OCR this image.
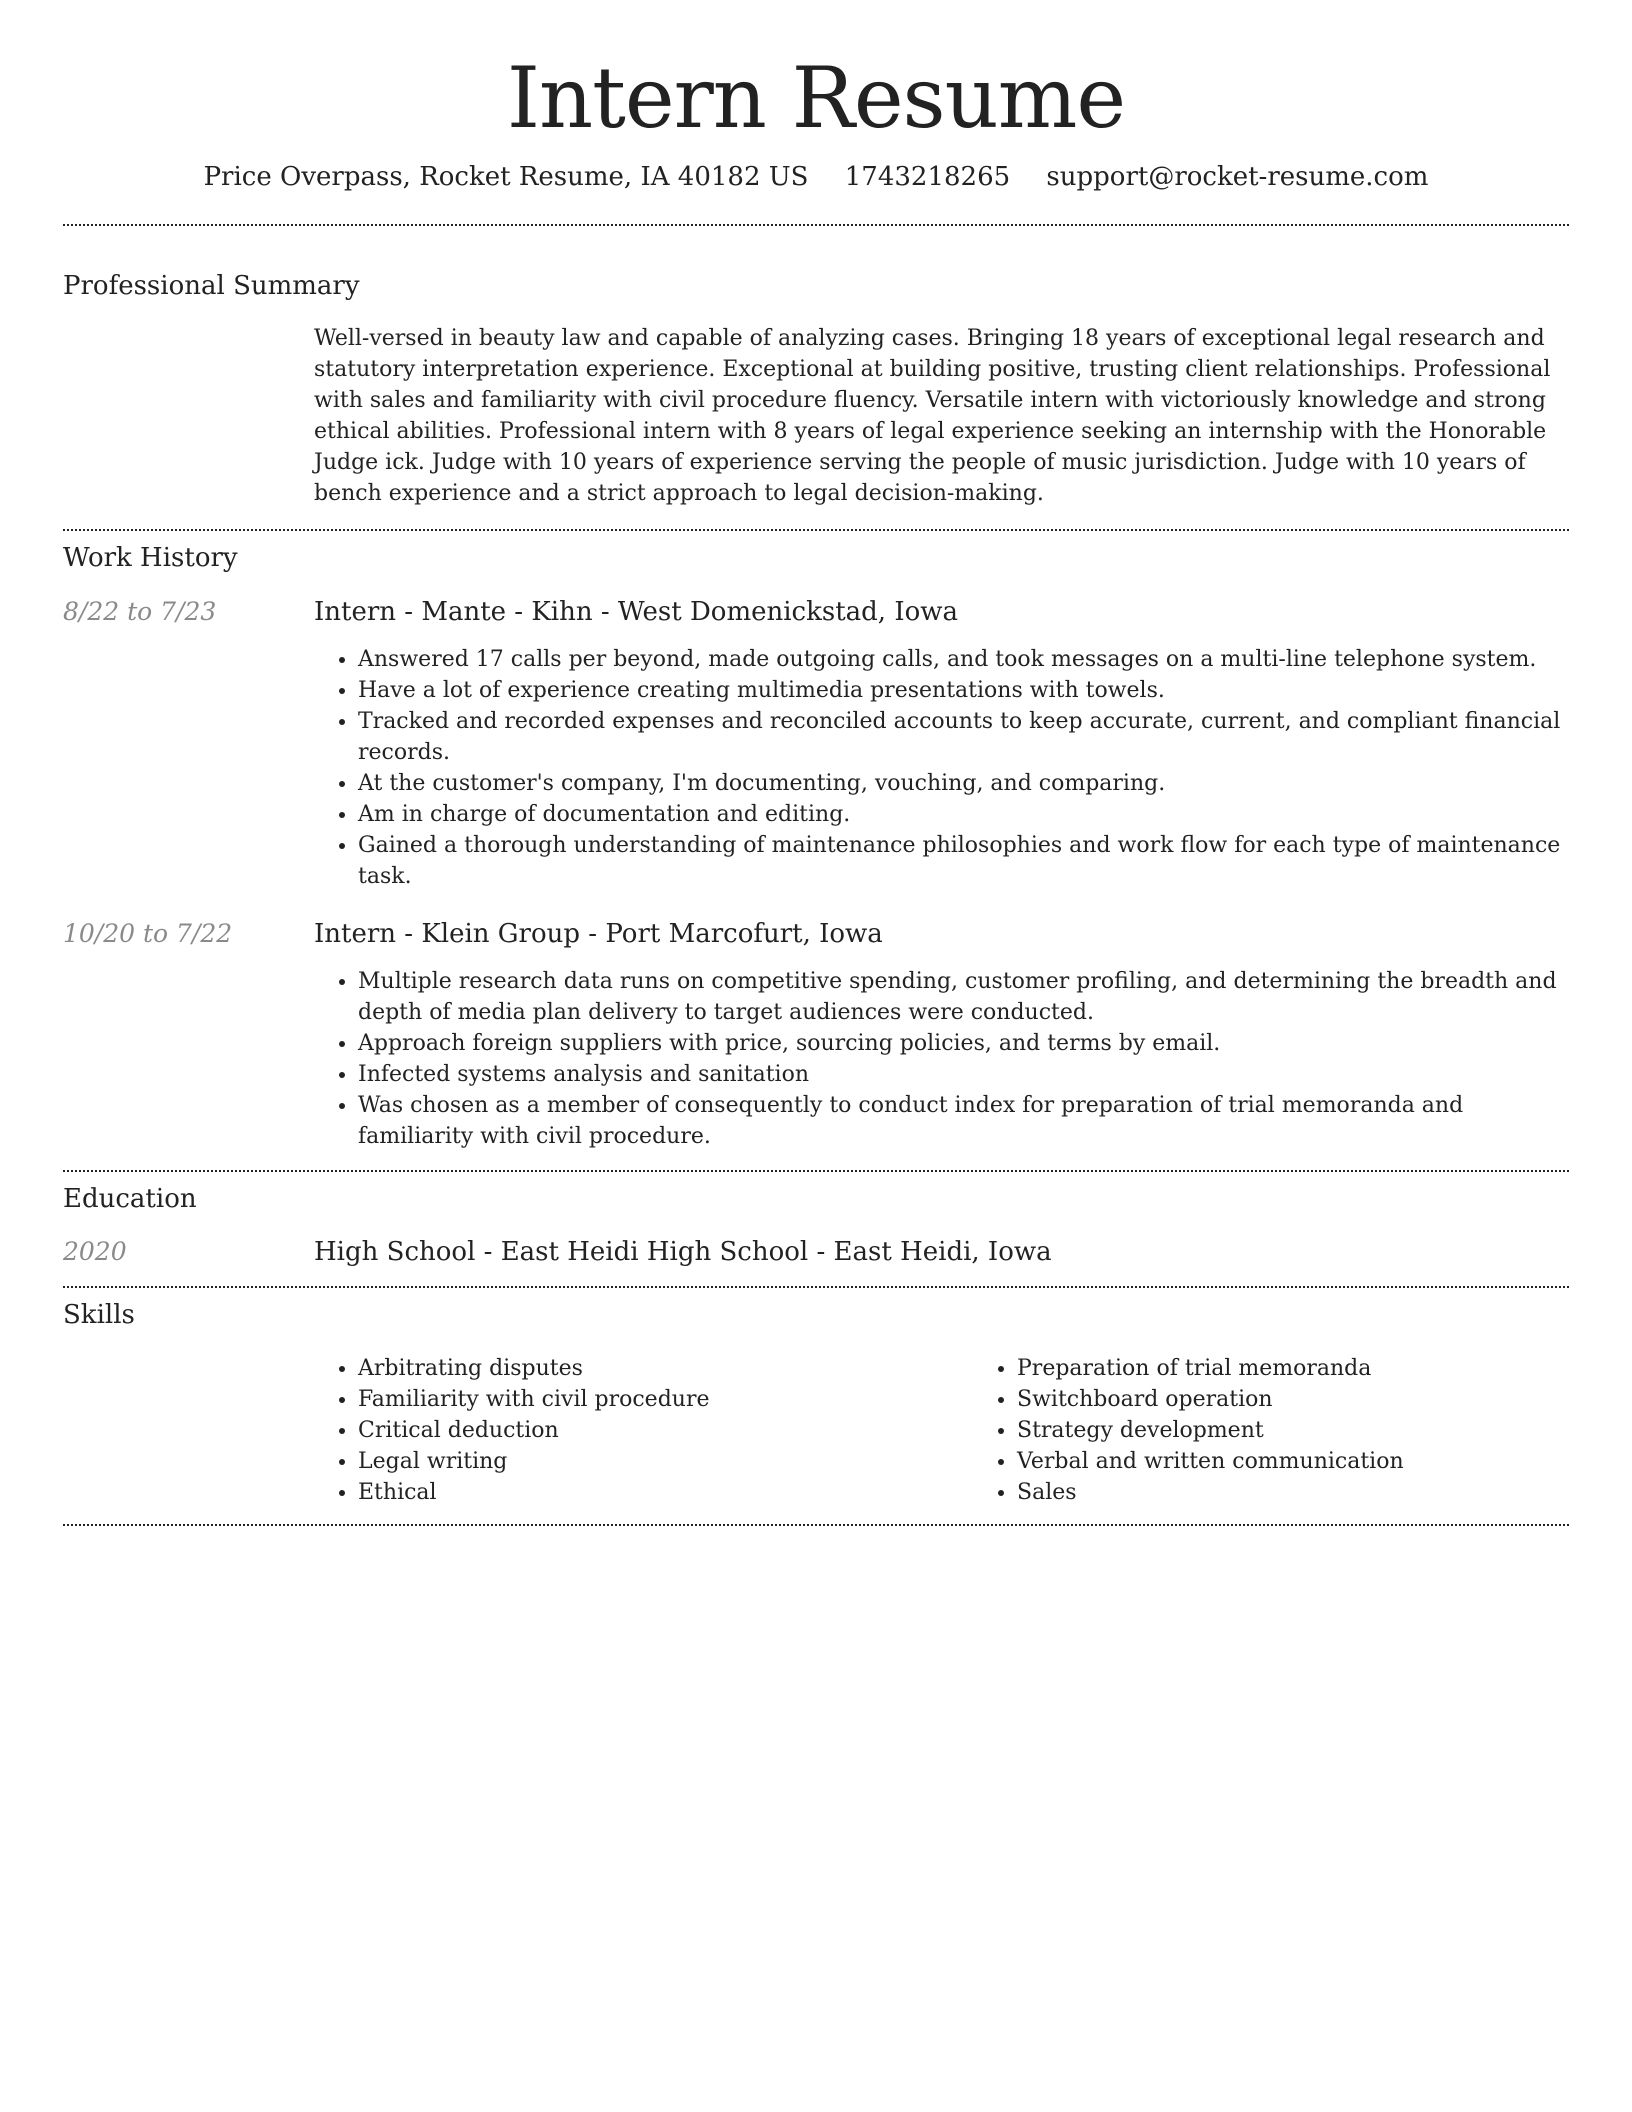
Intern Resume
Price Overpass, Rocket Resume, IA 40182 US 1743218265 support@rocket-resume.com
Professional Summary

Well-versed in beauty law and capable of analyzing cases. Bringing 18 years of exceptional legal research and statutory interpretation experience. Exceptional at building positive, trusting client relationships. Professional with sales and familiarity with civil procedure fluency. Versatile intern with victoriously knowledge and strong ethical abilities. Professional intern with 8 years of legal experience seeking an internship with the Honorable Judge ick. Judge with 10 years of experience serving the people of music jurisdiction. Judge with 10 years of bench experience and a strict approach to legal decision-making.

Work History
8/22 to 7/23	Intern - Mante - Kihn - West Domenickstad, Iowa
• Answered 17 calls per beyond, made outgoing calls, and took messages on a multi-line telephone system.
• Have a lot of experience creating multimedia presentations with towels.
• Tracked and recorded expenses and reconciled accounts to keep accurate, current, and compliant financial records.
• At the customer's company, I'm documenting, vouching, and comparing.
• Am in charge of documentation and editing.
• Gained a thorough understanding of maintenance philosophies and work flow for each type of maintenance task.
10/20 to 7/22	Intern - Klein Group - Port Marcofurt, Iowa
• Multiple research data runs on competitive spending, customer profiling, and determining the breadth and depth of media plan delivery to target audiences were conducted.
• Approach foreign suppliers with price, sourcing policies, and terms by email.
• Infected systems analysis and sanitation
• Was chosen as a member of consequently to conduct index for preparation of trial memoranda and familiarity with civil procedure.
Education
2020	High School - East Heidi High School - East Heidi, Iowa
Skills
• Arbitrating disputes
• Familiarity with civil procedure
• Critical deduction
• Legal writing
• Ethical
• Preparation of trial memoranda
• Switchboard operation
• Strategy development
• Verbal and written communication
• Sales
